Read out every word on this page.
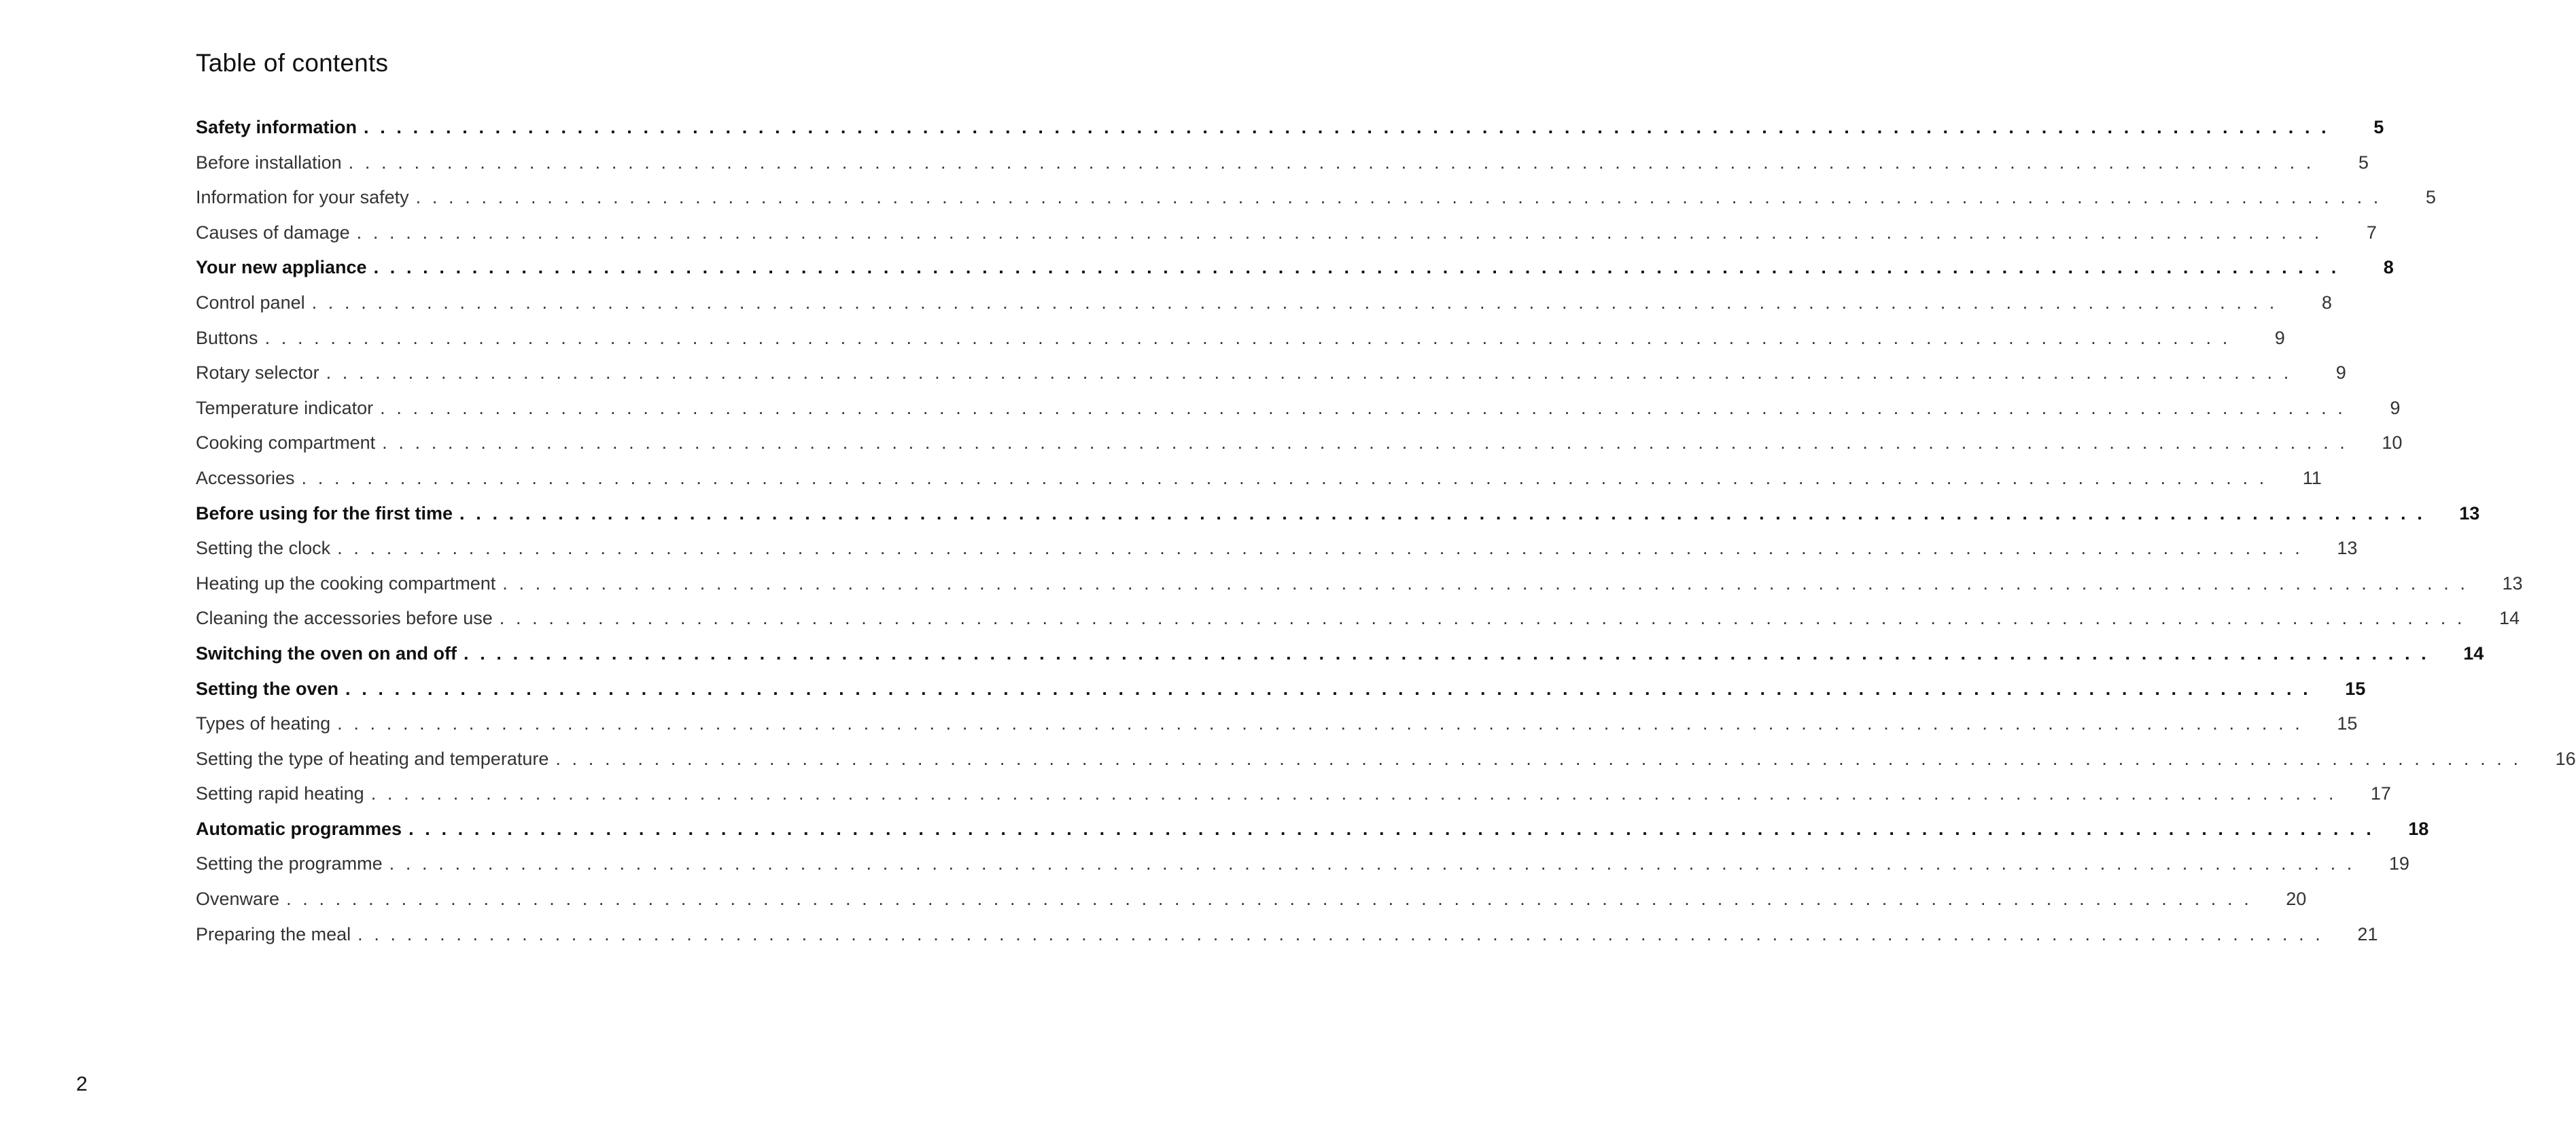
Table of contents
Safety information . . . . . . . . . . . . . . . . . . . . . . . . . . . . . . . . . . . . . . . . . . . . . . . . . . . . . . . . . . . . . . . . . . . . . . . . . . . . . . . . . . . . . . . . . . . . . . . . . . . . . . . . . . . . . . . . . . . . . . . .	5
Before installation . . . . . . . . . . . . . . . . . . . . . . . . . . . . . . . . . . . . . . . . . . . . . . . . . . . . . . . . . . . . . . . . . . . . . . . . . . . . . . . . . . . . . . . . . . . . . . . . . . . . . . . . . . . . . . . . . . . . . . . .	5
Information for your safety . . . . . . . . . . . . . . . . . . . . . . . . . . . . . . . . . . . . . . . . . . . . . . . . . . . . . . . . . . . . . . . . . . . . . . . . . . . . . . . . . . . . . . . . . . . . . . . . . . . . . . . . . . . . . . . . . . . . . . . .	5
Causes of damage . . . . . . . . . . . . . . . . . . . . . . . . . . . . . . . . . . . . . . . . . . . . . . . . . . . . . . . . . . . . . . . . . . . . . . . . . . . . . . . . . . . . . . . . . . . . . . . . . . . . . . . . . . . . . . . . . . . . . . . .	7
Your new appliance . . . . . . . . . . . . . . . . . . . . . . . . . . . . . . . . . . . . . . . . . . . . . . . . . . . . . . . . . . . . . . . . . . . . . . . . . . . . . . . . . . . . . . . . . . . . . . . . . . . . . . . . . . . . . . . . . . . . . . . .	8
Control panel . . . . . . . . . . . . . . . . . . . . . . . . . . . . . . . . . . . . . . . . . . . . . . . . . . . . . . . . . . . . . . . . . . . . . . . . . . . . . . . . . . . . . . . . . . . . . . . . . . . . . . . . . . . . . . . . . . . . . . . .	8
Buttons . . . . . . . . . . . . . . . . . . . . . . . . . . . . . . . . . . . . . . . . . . . . . . . . . . . . . . . . . . . . . . . . . . . . . . . . . . . . . . . . . . . . . . . . . . . . . . . . . . . . . . . . . . . . . . . . . . . . . . . .	9
Rotary selector . . . . . . . . . . . . . . . . . . . . . . . . . . . . . . . . . . . . . . . . . . . . . . . . . . . . . . . . . . . . . . . . . . . . . . . . . . . . . . . . . . . . . . . . . . . . . . . . . . . . . . . . . . . . . . . . . . . . . . . .	9
Temperature indicator . . . . . . . . . . . . . . . . . . . . . . . . . . . . . . . . . . . . . . . . . . . . . . . . . . . . . . . . . . . . . . . . . . . . . . . . . . . . . . . . . . . . . . . . . . . . . . . . . . . . . . . . . . . . . . . . . . . . . . . .	9
Cooking compartment . . . . . . . . . . . . . . . . . . . . . . . . . . . . . . . . . . . . . . . . . . . . . . . . . . . . . . . . . . . . . . . . . . . . . . . . . . . . . . . . . . . . . . . . . . . . . . . . . . . . . . . . . . . . . . . . . . . . . . . .	10
Accessories . . . . . . . . . . . . . . . . . . . . . . . . . . . . . . . . . . . . . . . . . . . . . . . . . . . . . . . . . . . . . . . . . . . . . . . . . . . . . . . . . . . . . . . . . . . . . . . . . . . . . . . . . . . . . . . . . . . . . . . .	11
Before using for the first time . . . . . . . . . . . . . . . . . . . . . . . . . . . . . . . . . . . . . . . . . . . . . . . . . . . . . . . . . . . . . . . . . . . . . . . . . . . . . . . . . . . . . . . . . . . . . . . . . . . . . . . . . . . . . . . . . . . . . . . .	13
Setting the clock . . . . . . . . . . . . . . . . . . . . . . . . . . . . . . . . . . . . . . . . . . . . . . . . . . . . . . . . . . . . . . . . . . . . . . . . . . . . . . . . . . . . . . . . . . . . . . . . . . . . . . . . . . . . . . . . . . . . . . . .	13
Heating up the cooking compartment . . . . . . . . . . . . . . . . . . . . . . . . . . . . . . . . . . . . . . . . . . . . . . . . . . . . . . . . . . . . . . . . . . . . . . . . . . . . . . . . . . . . . . . . . . . . . . . . . . . . . . . . . . . . . . . . . . . . . . . .	13
Cleaning the accessories before use . . . . . . . . . . . . . . . . . . . . . . . . . . . . . . . . . . . . . . . . . . . . . . . . . . . . . . . . . . . . . . . . . . . . . . . . . . . . . . . . . . . . . . . . . . . . . . . . . . . . . . . . . . . . . . . . . . . . . . . .	14
Switching the oven on and off . . . . . . . . . . . . . . . . . . . . . . . . . . . . . . . . . . . . . . . . . . . . . . . . . . . . . . . . . . . . . . . . . . . . . . . . . . . . . . . . . . . . . . . . . . . . . . . . . . . . . . . . . . . . . . . . . . . . . . . .	14
Setting the oven . . . . . . . . . . . . . . . . . . . . . . . . . . . . . . . . . . . . . . . . . . . . . . . . . . . . . . . . . . . . . . . . . . . . . . . . . . . . . . . . . . . . . . . . . . . . . . . . . . . . . . . . . . . . . . . . . . . . . . . .	15
Types of heating . . . . . . . . . . . . . . . . . . . . . . . . . . . . . . . . . . . . . . . . . . . . . . . . . . . . . . . . . . . . . . . . . . . . . . . . . . . . . . . . . . . . . . . . . . . . . . . . . . . . . . . . . . . . . . . . . . . . . . . .	15
Setting the type of heating and temperature . . . . . . . . . . . . . . . . . . . . . . . . . . . . . . . . . . . . . . . . . . . . . . . . . . . . . . . . . . . . . . . . . . . . . . . . . . . . . . . . . . . . . . . . . . . . . . . . . . . . . . . . . . . . . . . . . . . . . . . .	16
Setting rapid heating . . . . . . . . . . . . . . . . . . . . . . . . . . . . . . . . . . . . . . . . . . . . . . . . . . . . . . . . . . . . . . . . . . . . . . . . . . . . . . . . . . . . . . . . . . . . . . . . . . . . . . . . . . . . . . . . . . . . . . . .	17
Automatic programmes . . . . . . . . . . . . . . . . . . . . . . . . . . . . . . . . . . . . . . . . . . . . . . . . . . . . . . . . . . . . . . . . . . . . . . . . . . . . . . . . . . . . . . . . . . . . . . . . . . . . . . . . . . . . . . . . . . . . . . . .	18
Setting the programme . . . . . . . . . . . . . . . . . . . . . . . . . . . . . . . . . . . . . . . . . . . . . . . . . . . . . . . . . . . . . . . . . . . . . . . . . . . . . . . . . . . . . . . . . . . . . . . . . . . . . . . . . . . . . . . . . . . . . . . .	19
Ovenware . . . . . . . . . . . . . . . . . . . . . . . . . . . . . . . . . . . . . . . . . . . . . . . . . . . . . . . . . . . . . . . . . . . . . . . . . . . . . . . . . . . . . . . . . . . . . . . . . . . . . . . . . . . . . . . . . . . . . . . .	20
Preparing the meal . . . . . . . . . . . . . . . . . . . . . . . . . . . . . . . . . . . . . . . . . . . . . . . . . . . . . . . . . . . . . . . . . . . . . . . . . . . . . . . . . . . . . . . . . . . . . . . . . . . . . . . . . . . . . . . . . . . . . . . .	21
2
